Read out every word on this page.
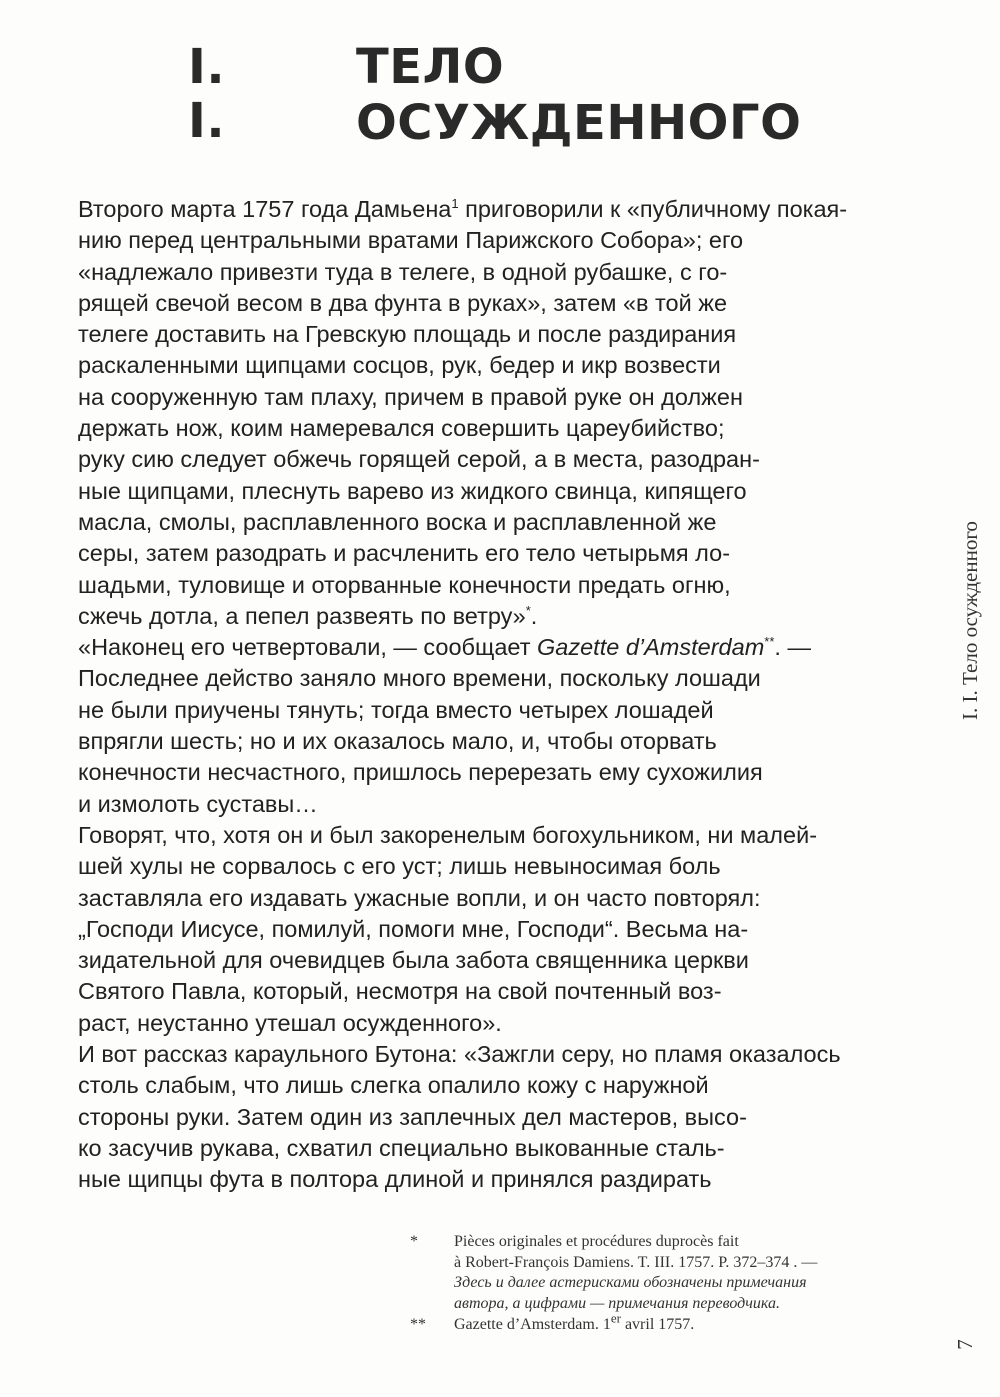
I. I.
ТЕЛО
ОСУЖДЕННОГО

Второго марта 1757 года Дамьена$^1$ приговорили к «публичному покая-
нию перед центральными вратами Парижского Собора»; его
«надлежало привезти туда в телеге, в одной рубашке, с го-
рящей свечой весом в два фунта в руках», затем «в той же
телеге доставить на Гревскую площадь и после раздирания
раскаленными щипцами сосцов, рук, бедер и икр возвести
на сооруженную там плаху, причем в правой руке он должен
держать нож, коим намеревался совершить цареубийство;
руку сию следует обжечь горящей серой, а в места, разодран-
ные щипцами, плеснуть варево из жидкого свинца, кипящего
масла, смолы, расплавленного воска и расплавленной же
серы, затем разодрать и расчленить его тело четырьмя ло-
шадьми, туловище и оторванные конечности предать огню,
сжечь дотла, а пепел развеять по ветру»*.

«Наконец его четвертовали, — сообщает Gazette d’Amsterdam**. —
Последнее действо заняло много времени, поскольку лошади
не были приучены тянуть; тогда вместо четырех лошадей
впрягли шесть; но и их оказалось мало, и, чтобы оторвать
конечности несчастного, пришлось перерезать ему сухожилия
и измолоть суставы…

Говорят, что, хотя он и был закоренелым богохульником, ни малей-
шей хулы не сорвалось с его уст; лишь невыносимая боль
заставляла его издавать ужасные вопли, и он часто повторял:
„Господи Иисусе, помилуй, помоги мне, Господи“. Весьма на-
зидательной для очевидцев была забота священника церкви
Святого Павла, который, несмотря на свой почтенный воз-
раст, неустанно утешал осужденного».

И вот рассказ караульного Бутона: «Зажгли серу, но пламя оказалось
столь слабым, что лишь слегка опалило кожу с наружной
стороны руки. Затем один из заплечных дел мастеров, высо-
ко засучив рукава, схватил специально выкованные сталь-
ные щипцы фута в полтора длиной и принялся раздирать

I. I. Тело осужденного
7
* Pièces originales et procédures duprocès fait
à Robert-François Damiens. T. III. 1757. P. 372–374 . —
Здесь и далее астерисками обозначены примечания
автора, а цифрами — примечания переводчика.
** Gazette d’Amsterdam. 1er avril 1757.
